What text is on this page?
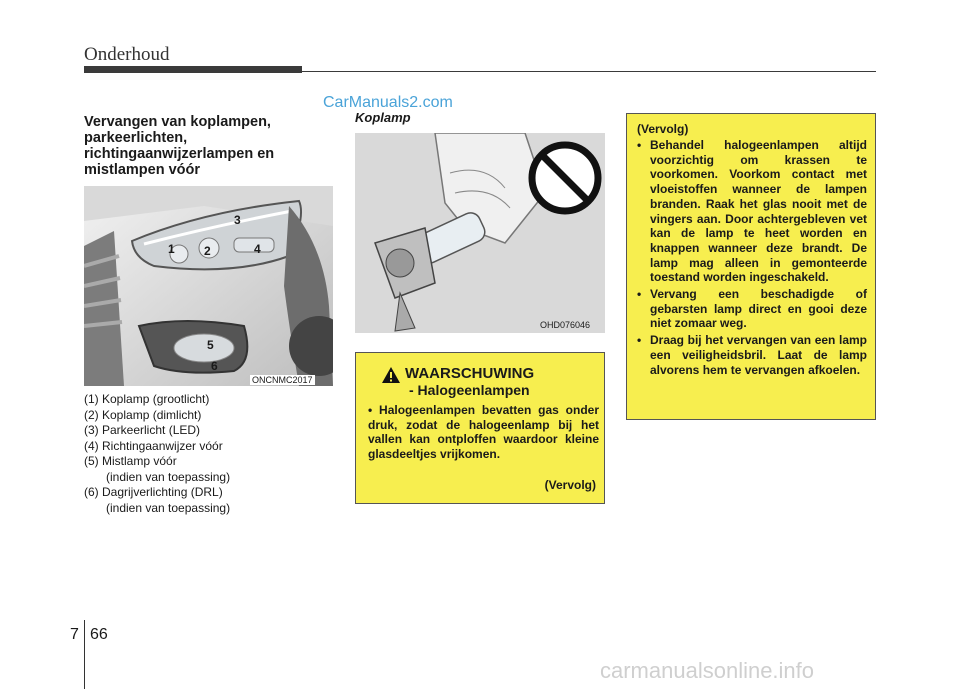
Onderhoud
CarManuals2.com
Vervangen van koplampen,
parkeerlichten,
richtingaanwijzerlampen en
mistlampen vóór
3
1 2	4
5
6
ONCNMC2017
(1) Koplamp (grootlicht)
(2) Koplamp (dimlicht)
(3) Parkeerlicht (LED)
(4) Richtingaanwijzer vóór
(5) Mistlamp vóór
(indien van toepassing)
(6) Dagrijverlichting (DRL)
(indien van toepassing)
Koplamp
OHD076046
WAARSCHUWING
- Halogeenlampen
• Halogeenlampen bevatten gas onder druk, zodat de halogeenlamp bij het vallen kan ontploffen waardoor kleine glasdeeltjes vrijkomen.
(Vervolg)
(Vervolg)
• Behandel halogeenlampen altijd voorzichtig om krassen te voorkomen. Voorkom contact met vloeistoffen wanneer de lampen branden. Raak het glas nooit met de vingers aan. Door achtergebleven vet kan de lamp te heet worden en knappen wanneer deze brandt. De lamp mag alleen in gemonteerde toestand worden ingeschakeld.
• Vervang een beschadigde of gebarsten lamp direct en gooi deze niet zomaar weg.
• Draag bij het vervangen van een lamp een veiligheidsbril. Laat de lamp alvorens hem te vervangen afkoelen.
7 66
carmanualsonline.info
